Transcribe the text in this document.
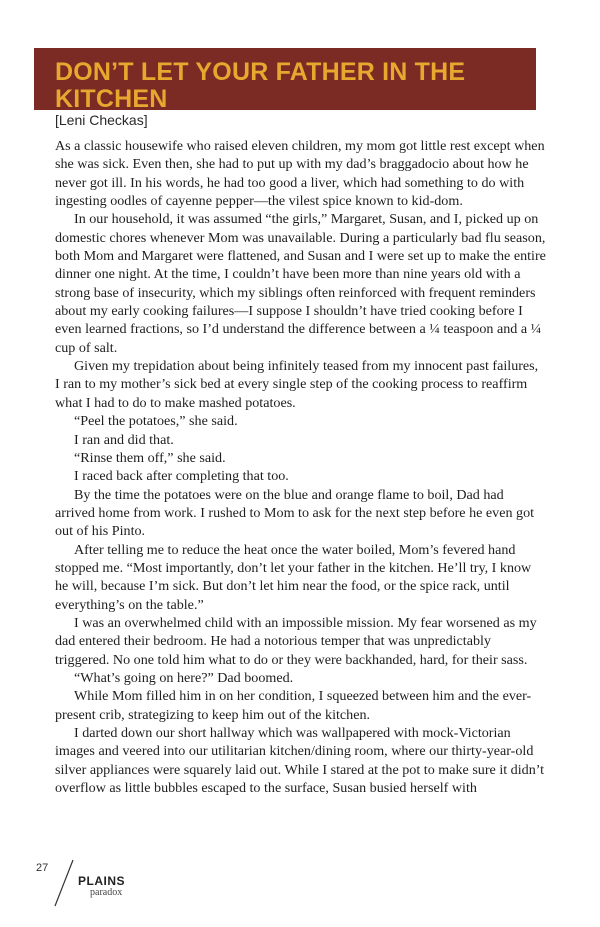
DON’T LET YOUR FATHER IN THE KITCHEN
[Leni Checkas]

As a classic housewife who raised eleven children, my mom got little rest except when she was sick. Even then, she had to put up with my dad’s braggadocio about how he never got ill. In his words, he had too good a liver, which had something to do with ingesting oodles of cayenne pepper—the vilest spice known to kid-dom.

In our household, it was assumed “the girls,” Margaret, Susan, and I, picked up on domestic chores whenever Mom was unavailable. During a particularly bad flu season, both Mom and Margaret were flattened, and Susan and I were set up to make the entire dinner one night. At the time, I couldn’t have been more than nine years old with a strong base of insecurity, which my siblings often reinforced with frequent reminders about my early cooking failures—I suppose I shouldn’t have tried cooking before I even learned fractions, so I’d understand the difference between a ¼ teaspoon and a ¼ cup of salt.

Given my trepidation about being infinitely teased from my innocent past failures, I ran to my mother’s sick bed at every single step of the cooking process to reaffirm what I had to do to make mashed potatoes.

“Peel the potatoes,” she said.

I ran and did that.

“Rinse them off,” she said.

I raced back after completing that too.

By the time the potatoes were on the blue and orange flame to boil, Dad had arrived home from work. I rushed to Mom to ask for the next step before he even got out of his Pinto.

After telling me to reduce the heat once the water boiled, Mom’s fevered hand stopped me. “Most importantly, don’t let your father in the kitchen. He’ll try, I know he will, because I’m sick. But don’t let him near the food, or the spice rack, until everything’s on the table.”

I was an overwhelmed child with an impossible mission. My fear worsened as my dad entered their bedroom. He had a notorious temper that was unpredictably triggered. No one told him what to do or they were backhanded, hard, for their sass.

“What’s going on here?” Dad boomed.

While Mom filled him in on her condition, I squeezed between him and the ever-present crib, strategizing to keep him out of the kitchen.

I darted down our short hallway which was wallpapered with mock-Victorian images and veered into our utilitarian kitchen/dining room, where our thirty-year-old silver appliances were squarely laid out. While I stared at the pot to make sure it didn’t overflow as little bubbles escaped to the surface, Susan busied herself with

27
PLAINS
paradox
